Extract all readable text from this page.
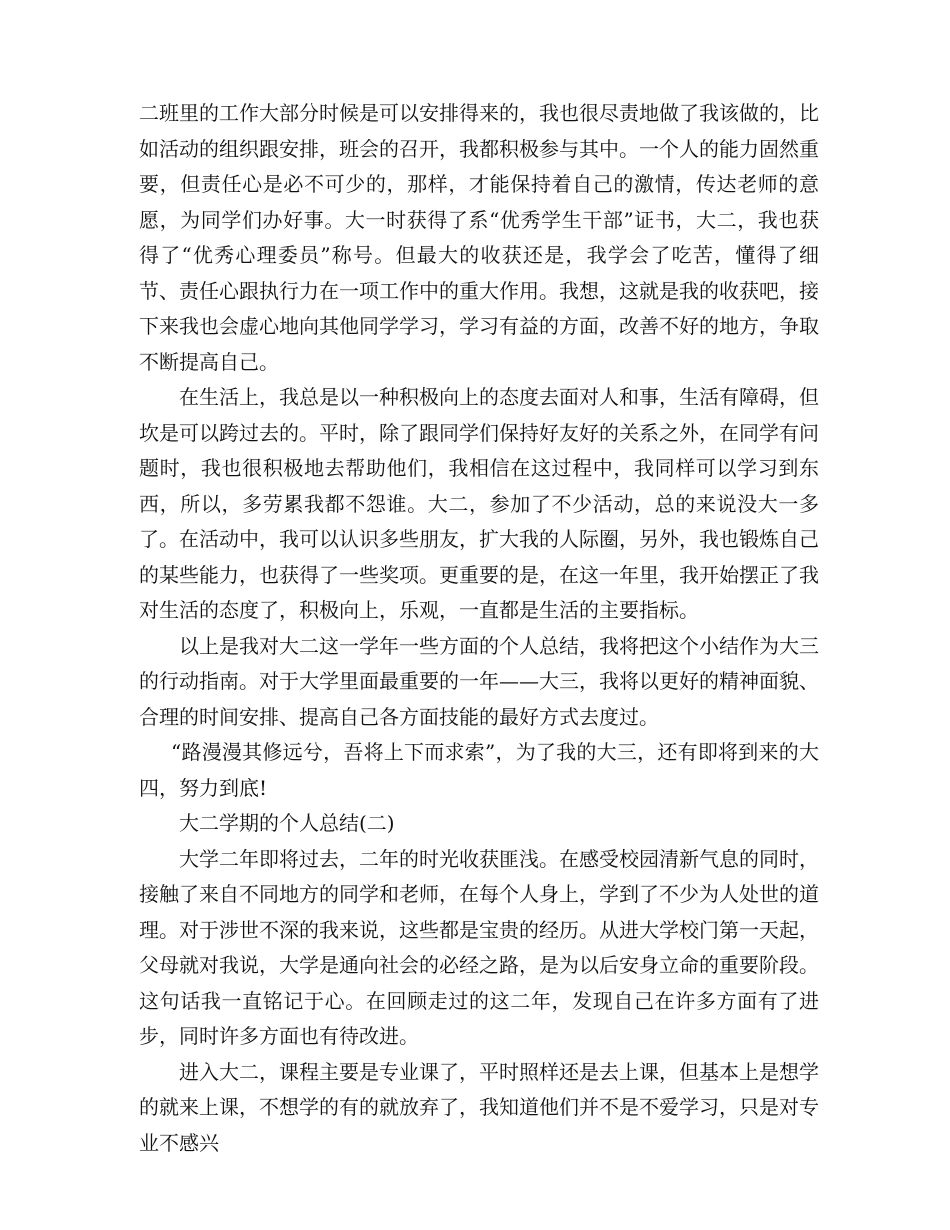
二班里的工作大部分时候是可以安排得来的，我也很尽责地做了我该做的，比如活动的组织跟安排，班会的召开，我都积极参与其中。一个人的能力固然重要，但责任心是必不可少的，那样，才能保持着自己的激情，传达老师的意愿，为同学们办好事。大一时获得了系“优秀学生干部”证书，大二，我也获得了“优秀心理委员”称号。但最大的收获还是，我学会了吃苦，懂得了细节、责任心跟执行力在一项工作中的重大作用。我想，这就是我的收获吧，接下来我也会虚心地向其他同学学习，学习有益的方面，改善不好的地方，争取不断提高自己。

在生活上，我总是以一种积极向上的态度去面对人和事，生活有障碍，但坎是可以跨过去的。平时，除了跟同学们保持好友好的关系之外，在同学有问题时，我也很积极地去帮助他们，我相信在这过程中，我同样可以学习到东西，所以，多劳累我都不怨谁。大二，参加了不少活动，总的来说没大一多了。在活动中，我可以认识多些朋友，扩大我的人际圈，另外，我也锻炼自己的某些能力，也获得了一些奖项。更重要的是，在这一年里，我开始摆正了我对生活的态度了，积极向上，乐观，一直都是生活的主要指标。

以上是我对大二这一学年一些方面的个人总结，我将把这个小结作为大三的行动指南。对于大学里面最重要的一年——大三，我将以更好的精神面貌、合理的时间安排、提高自己各方面技能的最好方式去度过。

“路漫漫其修远兮，吾将上下而求索”，为了我的大三，还有即将到来的大四，努力到底!

大二学期的个人总结(二)

大学二年即将过去，二年的时光收获匪浅。在感受校园清新气息的同时，接触了来自不同地方的同学和老师，在每个人身上，学到了不少为人处世的道理。对于涉世不深的我来说，这些都是宝贵的经历。从进大学校门第一天起，父母就对我说，大学是通向社会的必经之路，是为以后安身立命的重要阶段。这句话我一直铭记于心。在回顾走过的这二年，发现自己在许多方面有了进步，同时许多方面也有待改进。

进入大二，课程主要是专业课了，平时照样还是去上课，但基本上是想学的就来上课，不想学的有的就放弃了，我知道他们并不是不爱学习，只是对专业不感兴
